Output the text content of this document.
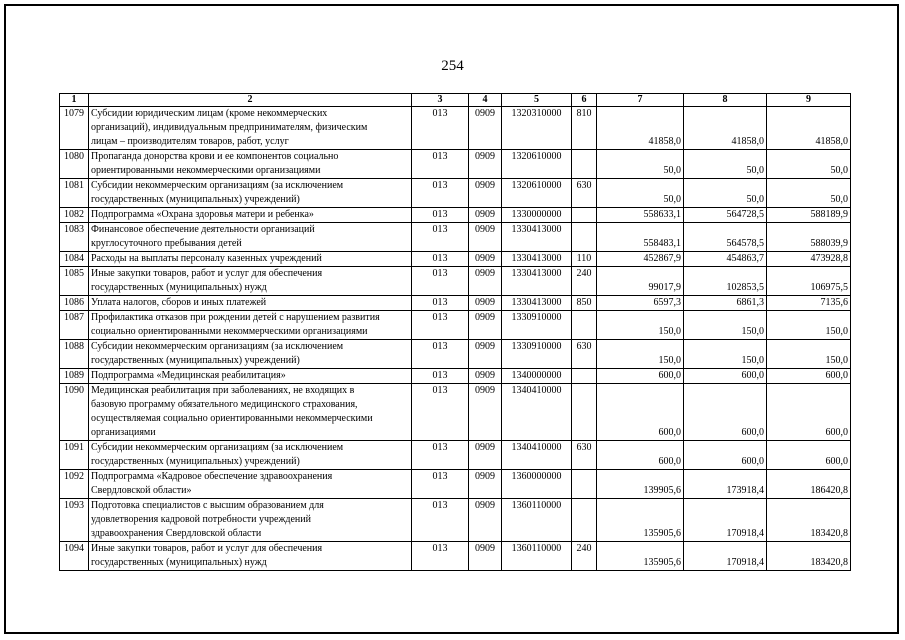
254
1	2	3	4	5	6	7	8	9
1079	Субсидии юридическим лицам (кроме некоммерческих
организаций), индивидуальным предпринимателям, физическим
лицам – производителям товаров, работ, услуг	013	0909	1320310000	810	41858,0	41858,0	41858,0
1080	Пропаганда донорства крови и ее компонентов социально
ориентированными некоммерческими организациями	013	0909	1320610000		50,0	50,0	50,0
1081	Субсидии некоммерческим организациям (за исключением
государственных (муниципальных) учреждений)	013	0909	1320610000	630	50,0	50,0	50,0
1082	Подпрограмма «Охрана здоровья матери и ребенка»	013	0909	1330000000		558633,1	564728,5	588189,9
1083	Финансовое обеспечение деятельности организаций
круглосуточного пребывания детей	013	0909	1330413000		558483,1	564578,5	588039,9
1084	Расходы на выплаты персоналу казенных учреждений	013	0909	1330413000	110	452867,9	454863,7	473928,8
1085	Иные закупки товаров, работ и услуг для обеспечения
государственных (муниципальных) нужд	013	0909	1330413000	240	99017,9	102853,5	106975,5
1086	Уплата налогов, сборов и иных платежей	013	0909	1330413000	850	6597,3	6861,3	7135,6
1087	Профилактика отказов при рождении детей с нарушением развития
социально ориентированными некоммерческими организациями	013	0909	1330910000		150,0	150,0	150,0
1088	Субсидии некоммерческим организациям (за исключением
государственных (муниципальных) учреждений)	013	0909	1330910000	630	150,0	150,0	150,0
1089	Подпрограмма «Медицинская реабилитация»	013	0909	1340000000		600,0	600,0	600,0
1090	Медицинская реабилитация при заболеваниях, не входящих в
базовую программу обязательного медицинского страхования,
осуществляемая социально ориентированными некоммерческими
организациями	013	0909	1340410000		600,0	600,0	600,0
1091	Субсидии некоммерческим организациям (за исключением
государственных (муниципальных) учреждений)	013	0909	1340410000	630	600,0	600,0	600,0
1092	Подпрограмма «Кадровое обеспечение здравоохранения
Свердловской области»	013	0909	1360000000		139905,6	173918,4	186420,8
1093	Подготовка специалистов с высшим образованием для
удовлетворения кадровой потребности учреждений
здравоохранения Свердловской области	013	0909	1360110000		135905,6	170918,4	183420,8
1094	Иные закупки товаров, работ и услуг для обеспечения
государственных (муниципальных) нужд	013	0909	1360110000	240	135905,6	170918,4	183420,8
